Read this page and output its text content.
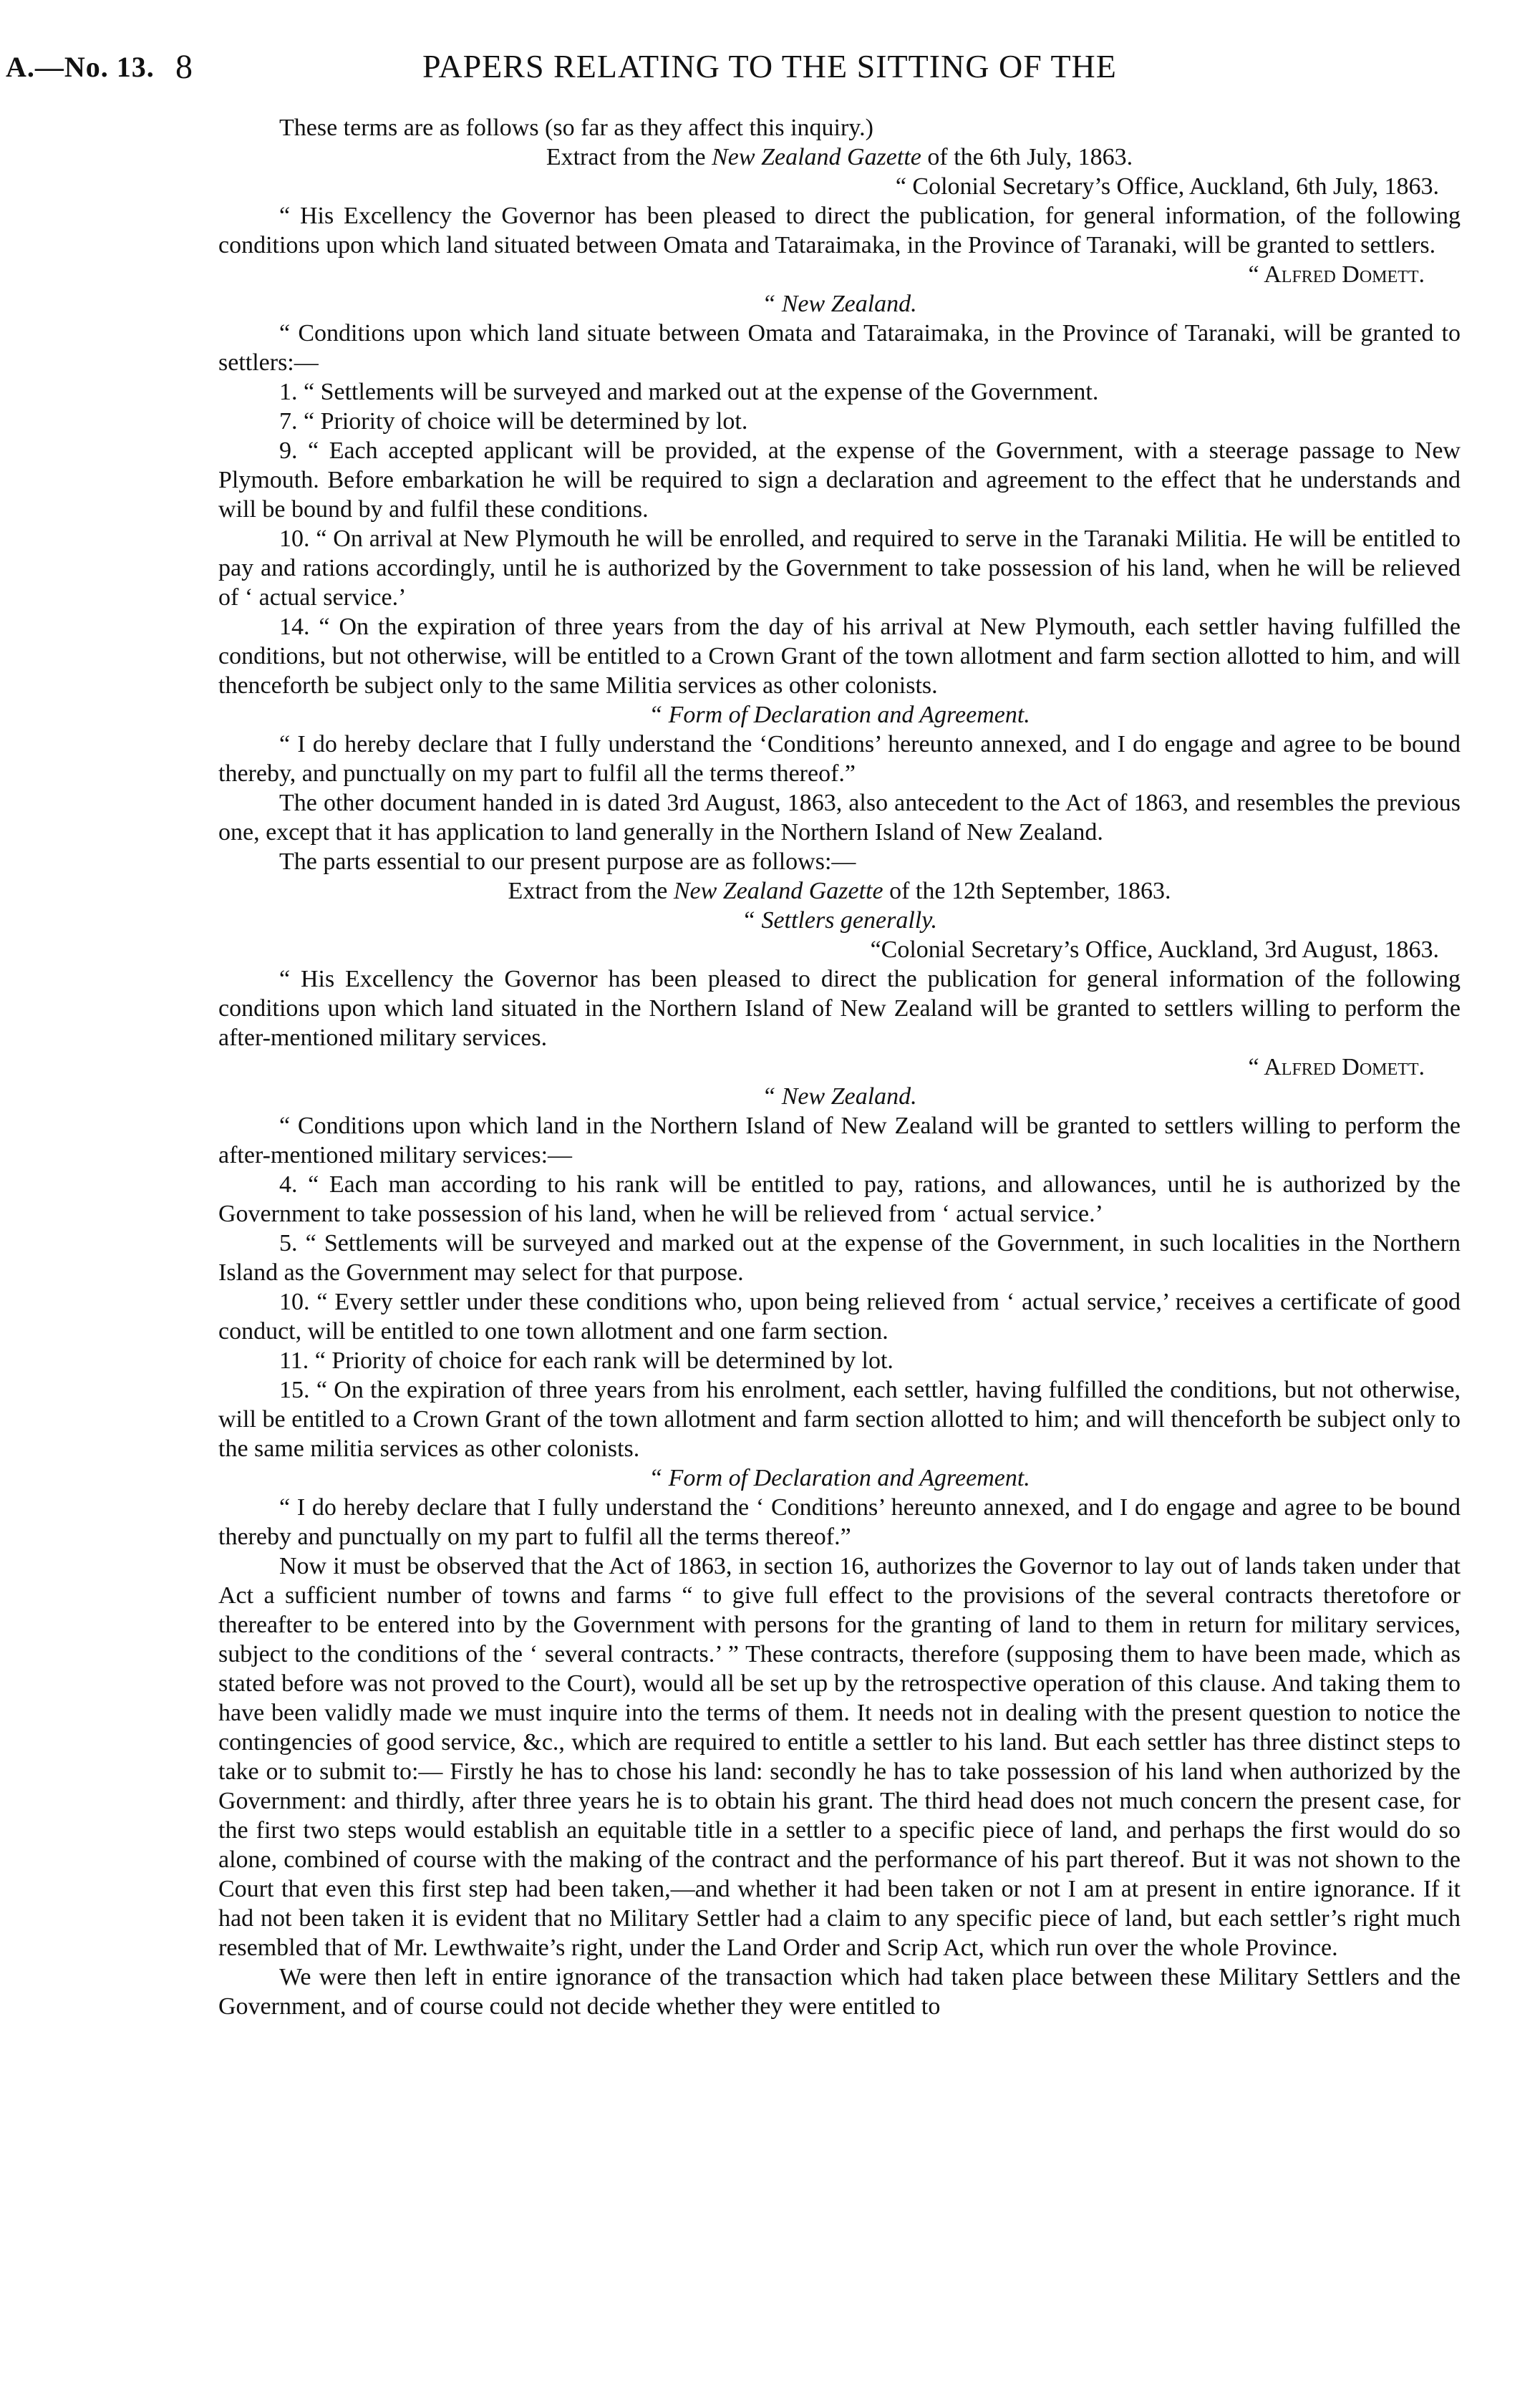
A.—No. 13. 8	PAPERS RELATING TO THE SITTING OF THE

These terms are as follows (so far as they affect this inquiry.)

Extract from the New Zealand Gazette of the 6th July, 1863.

“ Colonial Secretary’s Office, Auckland, 6th July, 1863.

“ His Excellency the Governor has been pleased to direct the publication, for general information, of the following conditions upon which land situated between Omata and Tataraimaka, in the Province of Taranaki, will be granted to settlers.

“ Alfred Domett.

“ New Zealand.

“ Conditions upon which land situate between Omata and Tataraimaka, in the Province of Taranaki, will be granted to settlers:—

1. “ Settlements will be surveyed and marked out at the expense of the Government.

7. “ Priority of choice will be determined by lot.

9. “ Each accepted applicant will be provided, at the expense of the Government, with a steerage passage to New Plymouth. Before embarkation he will be required to sign a declaration and agreement to the effect that he understands and will be bound by and fulfil these conditions.

10. “ On arrival at New Plymouth he will be enrolled, and required to serve in the Taranaki Militia. He will be entitled to pay and rations accordingly, until he is authorized by the Government to take possession of his land, when he will be relieved of ‘ actual service.’

14. “ On the expiration of three years from the day of his arrival at New Plymouth, each settler having fulfilled the conditions, but not otherwise, will be entitled to a Crown Grant of the town allotment and farm section allotted to him, and will thenceforth be subject only to the same Militia services as other colonists.

“ Form of Declaration and Agreement.

“ I do hereby declare that I fully understand the ‘Conditions’ hereunto annexed, and I do engage and agree to be bound thereby, and punctually on my part to fulfil all the terms thereof.”

The other document handed in is dated 3rd August, 1863, also antecedent to the Act of 1863, and resembles the previous one, except that it has application to land generally in the Northern Island of New Zealand.

The parts essential to our present purpose are as follows:—

Extract from the New Zealand Gazette of the 12th September, 1863.

“ Settlers generally.

“Colonial Secretary’s Office, Auckland, 3rd August, 1863.

“ His Excellency the Governor has been pleased to direct the publication for general information of the following conditions upon which land situated in the Northern Island of New Zealand will be granted to settlers willing to perform the after-mentioned military services.

“ Alfred Domett.

“ New Zealand.

“ Conditions upon which land in the Northern Island of New Zealand will be granted to settlers willing to perform the after-mentioned military services:—

4. “ Each man according to his rank will be entitled to pay, rations, and allowances, until he is authorized by the Government to take possession of his land, when he will be relieved from ‘ actual service.’

5. “ Settlements will be surveyed and marked out at the expense of the Government, in such localities in the Northern Island as the Government may select for that purpose.

10. “ Every settler under these conditions who, upon being relieved from ‘ actual service,’ receives a certificate of good conduct, will be entitled to one town allotment and one farm section.

11. “ Priority of choice for each rank will be determined by lot.

15. “ On the expiration of three years from his enrolment, each settler, having fulfilled the conditions, but not otherwise, will be entitled to a Crown Grant of the town allotment and farm section allotted to him; and will thenceforth be subject only to the same militia services as other colonists.

“ Form of Declaration and Agreement.

“ I do hereby declare that I fully understand the ‘ Conditions’ hereunto annexed, and I do engage and agree to be bound thereby and punctually on my part to fulfil all the terms thereof.”

Now it must be observed that the Act of 1863, in section 16, authorizes the Governor to lay out of lands taken under that Act a sufficient number of towns and farms “ to give full effect to the provisions of the several contracts theretofore or thereafter to be entered into by the Government with persons for the granting of land to them in return for military services, subject to the conditions of the ‘ several contracts.’ ” These contracts, therefore (supposing them to have been made, which as stated before was not proved to the Court), would all be set up by the retrospective operation of this clause. And taking them to have been validly made we must inquire into the terms of them. It needs not in dealing with the present question to notice the contingencies of good service, &c., which are required to entitle a settler to his land. But each settler has three distinct steps to take or to submit to:— Firstly he has to chose his land: secondly he has to take possession of his land when authorized by the Government: and thirdly, after three years he is to obtain his grant. The third head does not much concern the present case, for the first two steps would establish an equitable title in a settler to a specific piece of land, and perhaps the first would do so alone, combined of course with the making of the contract and the performance of his part thereof. But it was not shown to the Court that even this first step had been taken,—and whether it had been taken or not I am at present in entire ignorance. If it had not been taken it is evident that no Military Settler had a claim to any specific piece of land, but each settler’s right much resembled that of Mr. Lewthwaite’s right, under the Land Order and Scrip Act, which run over the whole Province.

We were then left in entire ignorance of the transaction which had taken place between these Military Settlers and the Government, and of course could not decide whether they were entitled to
